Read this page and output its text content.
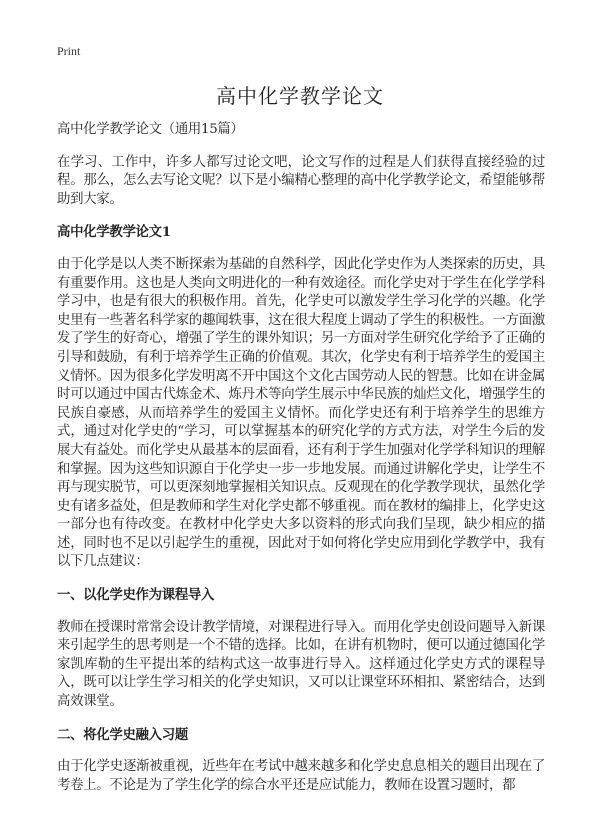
Print
高中化学教学论文

高中化学教学论文（通用15篇）

在学习、工作中，许多人都写过论文吧，论文写作的过程是人们获得直接经验的过程。那么，怎么去写论文呢？以下是小编精心整理的高中化学教学论文，希望能够帮助到大家。

高中化学教学论文1

由于化学是以人类不断探索为基础的自然科学，因此化学史作为人类探索的历史，具有重要作用。这也是人类向文明进化的一种有效途径。而化学史对于学生在化学学科学习中，也是有很大的积极作用。首先，化学史可以激发学生学习化学的兴趣。化学史里有一些著名科学家的趣闻轶事，这在很大程度上调动了学生的积极性。一方面激发了学生的好奇心，增强了学生的课外知识；另一方面对学生研究化学给予了正确的引导和鼓励，有利于培养学生正确的价值观。其次，化学史有利于培养学生的爱国主义情怀。因为很多化学发明离不开中国这个文化古国劳动人民的智慧。比如在讲金属时可以通过中国古代炼金术、炼丹术等向学生展示中华民族的灿烂文化，增强学生的民族自豪感，从而培养学生的爱国主义情怀。而化学史还有利于培养学生的思维方式，通过对化学史的“学习，可以掌握基本的研究化学的方式方法，对学生今后的发展大有益处。而化学史从最基本的层面看，还有利于学生加强对化学学科知识的理解和掌握。因为这些知识源自于化学史一步一步地发展。而通过讲解化学史，让学生不再与现实脱节，可以更深刻地掌握相关知识点。反观现在的化学教学现状，虽然化学史有诸多益处，但是教师和学生对化学史都不够重视。而在教材的编排上，化学史这一部分也有待改变。在教材中化学史大多以资料的形式向我们呈现，缺少相应的描述，同时也不足以引起学生的重视，因此对于如何将化学史应用到化学教学中，我有以下几点建议：

一、以化学史作为课程导入

教师在授课时常常会设计教学情境，对课程进行导入。而用化学史创设问题导入新课来引起学生的思考则是一个不错的选择。比如，在讲有机物时，便可以通过德国化学家凯库勒的生平提出苯的结构式这一故事进行导入。这样通过化学史方式的课程导入，既可以让学生学习相关的化学史知识，又可以让课堂环环相扣、紧密结合，达到高效课堂。

二、将化学史融入习题

由于化学史逐渐被重视，近些年在考试中越来越多和化学史息息相关的题目出现在了考卷上。不论是为了学生化学的综合水平还是应试能力，教师在设置习题时，都
